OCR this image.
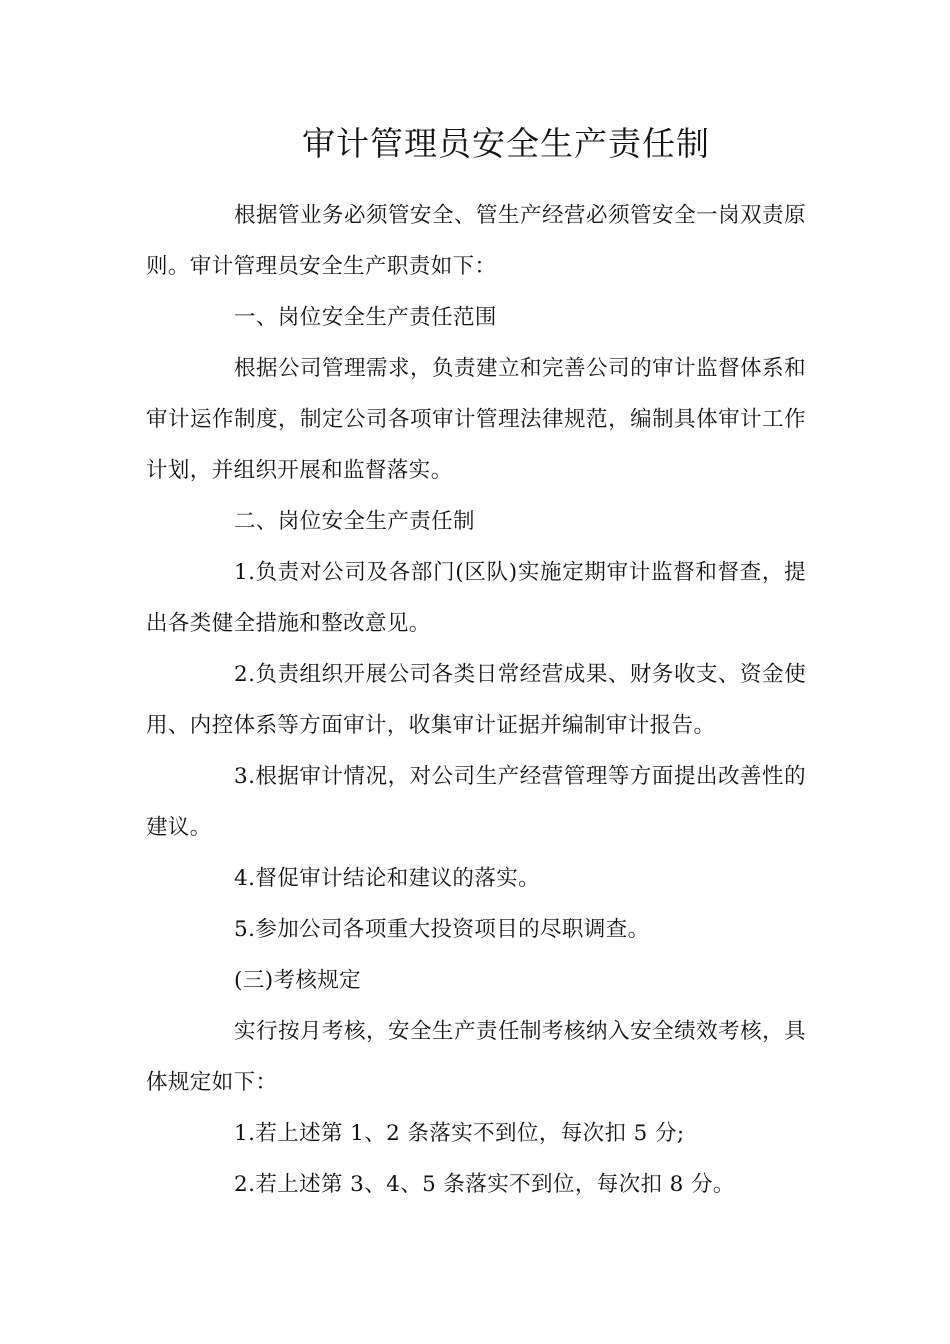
审计管理员安全生产责任制

根据管业务必须管安全、管生产经营必须管安全一岗双责原则。审计管理员安全生产职责如下：

一、岗位安全生产责任范围

根据公司管理需求，负责建立和完善公司的审计监督体系和审计运作制度，制定公司各项审计管理法律规范，编制具体审计工作计划，并组织开展和监督落实。

二、岗位安全生产责任制

1.负责对公司及各部门(区队)实施定期审计监督和督查，提出各类健全措施和整改意见。

2.负责组织开展公司各类日常经营成果、财务收支、资金使用、内控体系等方面审计，收集审计证据并编制审计报告。

3.根据审计情况，对公司生产经营管理等方面提出改善性的建议。

4.督促审计结论和建议的落实。

5.参加公司各项重大投资项目的尽职调查。

(三)考核规定

实行按月考核，安全生产责任制考核纳入安全绩效考核，具体规定如下：

1.若上述第 1、2 条落实不到位，每次扣 5 分;

2.若上述第 3、4、5 条落实不到位，每次扣 8 分。
